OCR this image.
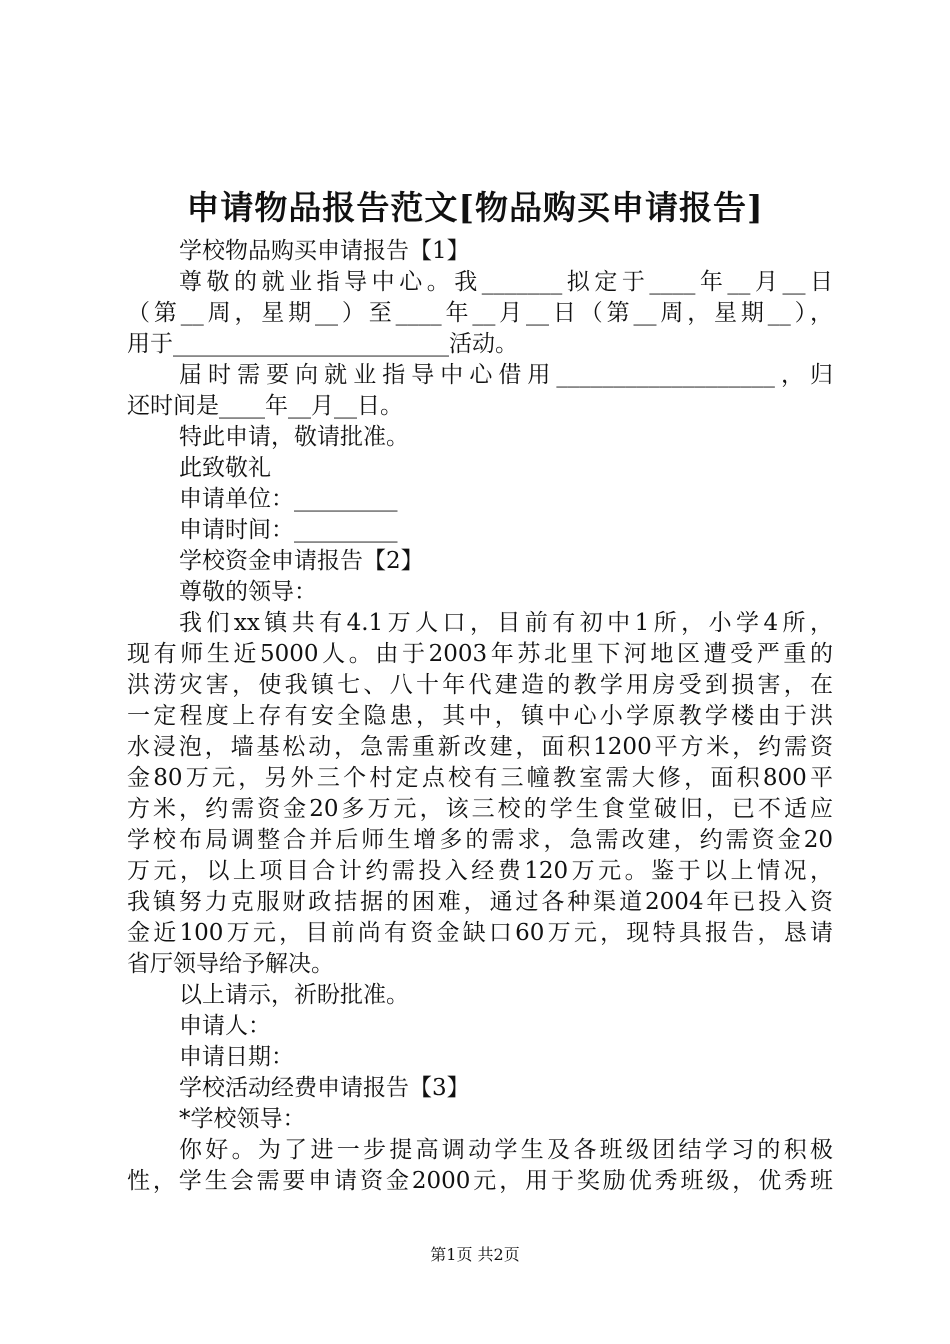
申请物品报告范文[物品购买申请报告]
学校物品购买申请报告【1】
尊敬的就业指导中心。我_______拟定于____年__月__日
（第__周，星期__）至____年__月__日（第__周，星期__），
用于________________________活动。
届时需要向就业指导中心借用___________________，归
还时间是____年__月__日。
特此申请，敬请批准。
此致敬礼
申请单位：_________
申请时间：_________
学校资金申请报告【2】
尊敬的领导：
我们xx镇共有4.1万人口，目前有初中1所，小学4所，
现有师生近5000人。由于2003年苏北里下河地区遭受严重的
洪涝灾害，使我镇七、八十年代建造的教学用房受到损害，在
一定程度上存有安全隐患，其中，镇中心小学原教学楼由于洪
水浸泡，墙基松动，急需重新改建，面积1200平方米，约需资
金80万元，另外三个村定点校有三幢教室需大修，面积800平
方米，约需资金20多万元，该三校的学生食堂破旧，已不适应
学校布局调整合并后师生增多的需求，急需改建，约需资金20
万元，以上项目合计约需投入经费120万元。鉴于以上情况，
我镇努力克服财政拮据的困难，通过各种渠道2004年已投入资
金近100万元，目前尚有资金缺口60万元，现特具报告，恳请
省厅领导给予解决。
以上请示，祈盼批准。
申请人：
申请日期：
学校活动经费申请报告【3】
*学校领导：
你好。为了进一步提高调动学生及各班级团结学习的积极
性，学生会需要申请资金2000元，用于奖励优秀班级，优秀班
第1页 共2页
